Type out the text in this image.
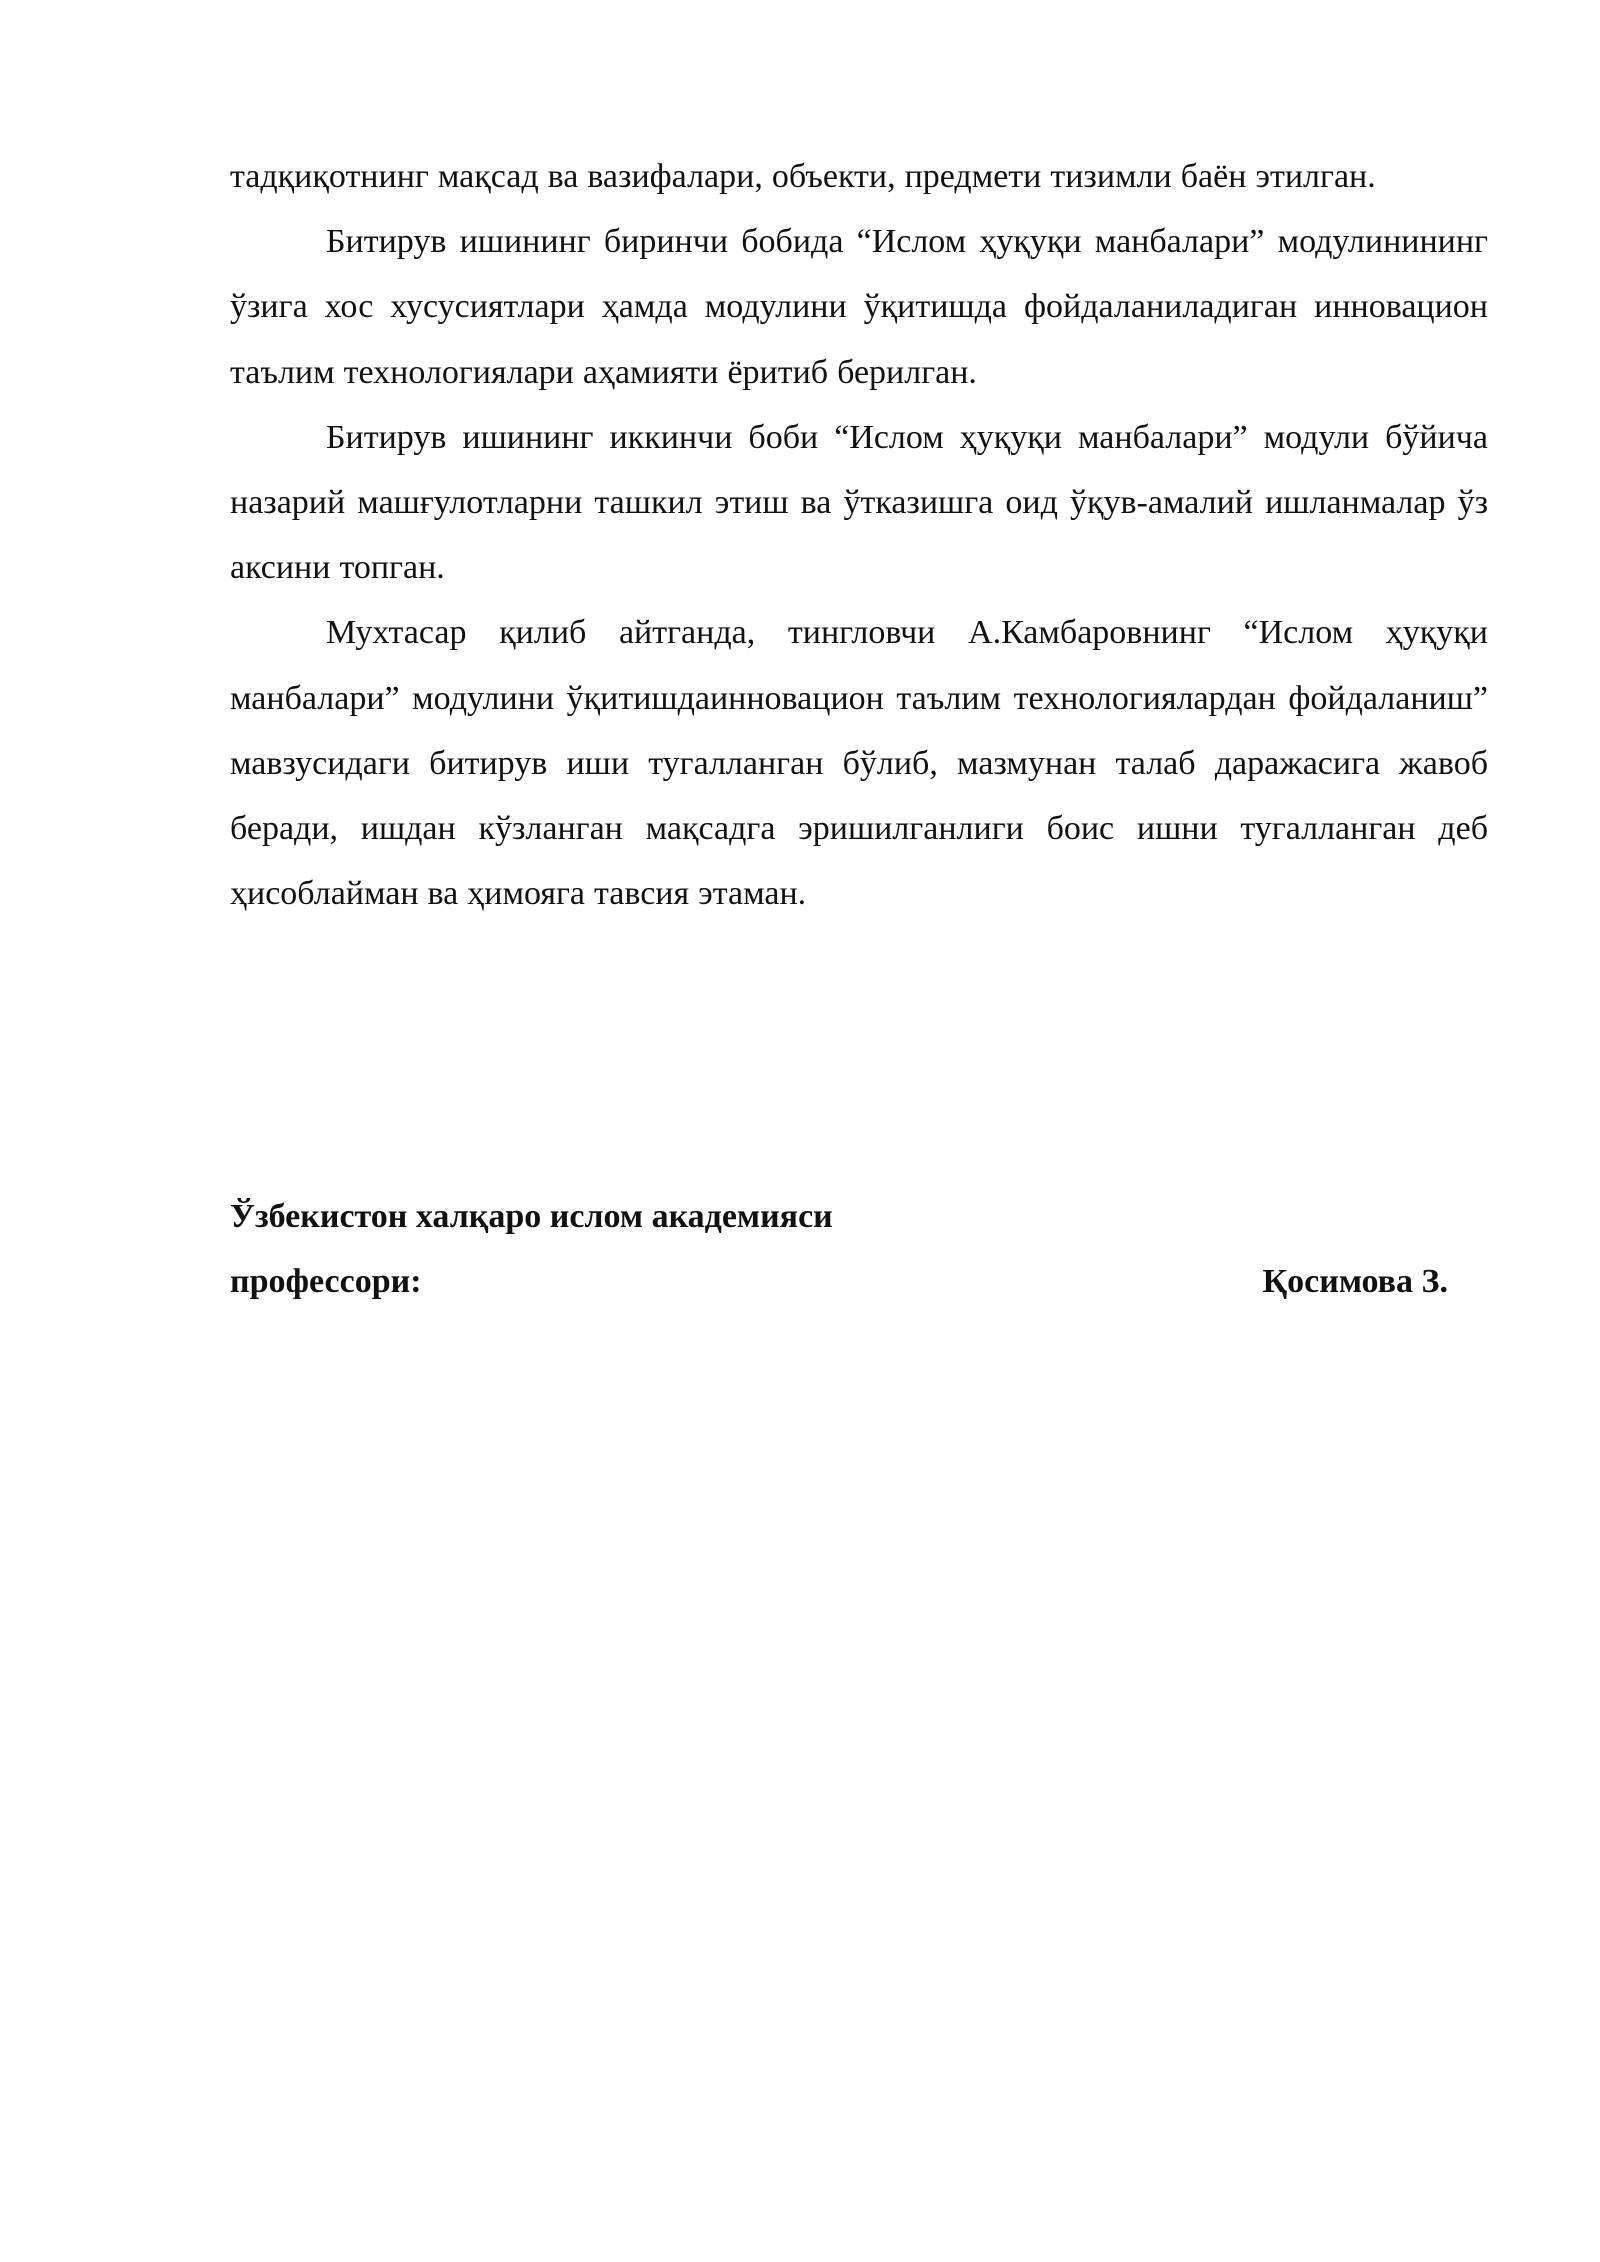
тадқиқотнинг мақсад ва вазифалари, объекти, предмети тизимли баён этилган.

Битирув ишининг биринчи бобида “Ислом ҳуқуқи манбалари” модулинининг ўзига хос хусусиятлари ҳамда модулини ўқитишда фойдаланиладиган инновацион таълим технологиялари аҳамияти ёритиб берилган.

Битирув ишининг иккинчи боби “Ислом ҳуқуқи манбалари” модули бўйича назарий машғулотларни ташкил этиш ва ўтказишга оид ўқув-амалий ишланмалар ўз аксини топган.

Мухтасар қилиб айтганда, тингловчи А.Камбаровнинг “Ислом ҳуқуқи манбалари” модулини ўқитишдаинновацион таълим технологиялардан фойдаланиш” мавзусидаги битирув иши тугалланган бўлиб, мазмунан талаб даражасига жавоб беради, ишдан кўзланган мақсадга эришилганлиги боис ишни тугалланган деб ҳисоблайман ва ҳимояга тавсия этаман.

Ўзбекистон халқаро ислом академияси
профессори:	Қосимова З.
